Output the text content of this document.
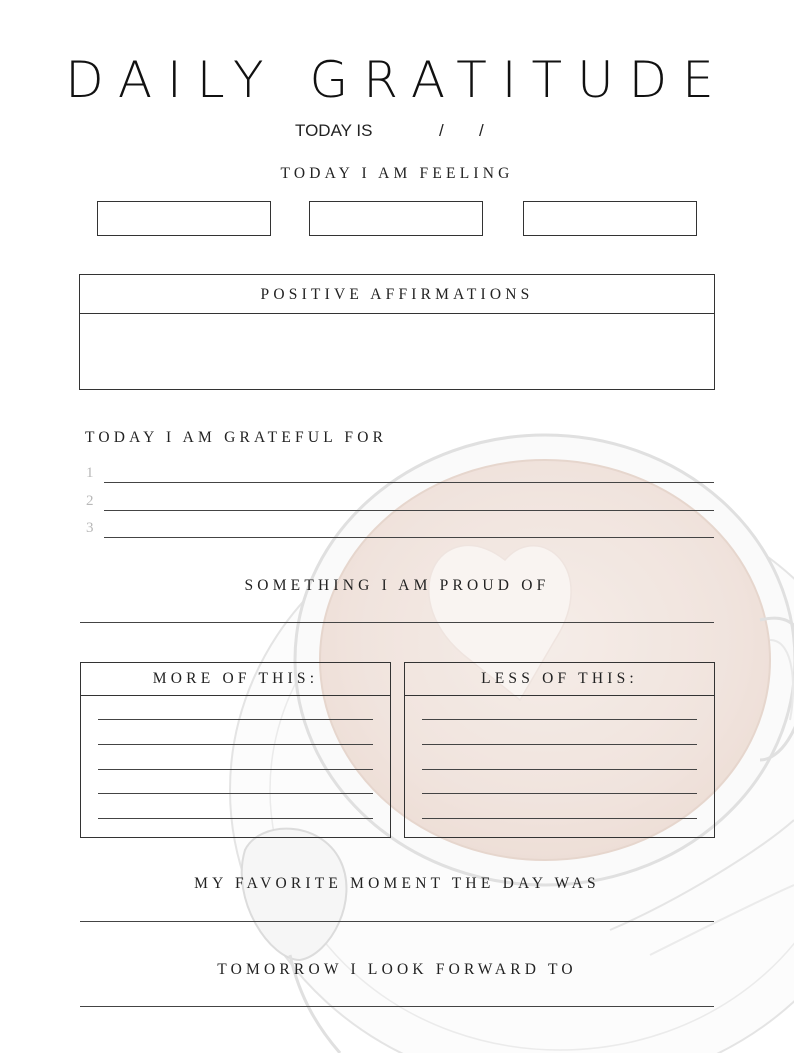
DAILY GRATITUDE
TODAY IS	/ /
TODAY I AM FEELING
POSITIVE AFFIRMATIONS
TODAY I AM GRATEFUL FOR
1
2
3
SOMETHING I AM PROUD OF
MORE OF THIS:	LESS OF THIS:
MY FAVORITE MOMENT THE DAY WAS
TOMORROW I LOOK FORWARD TO
